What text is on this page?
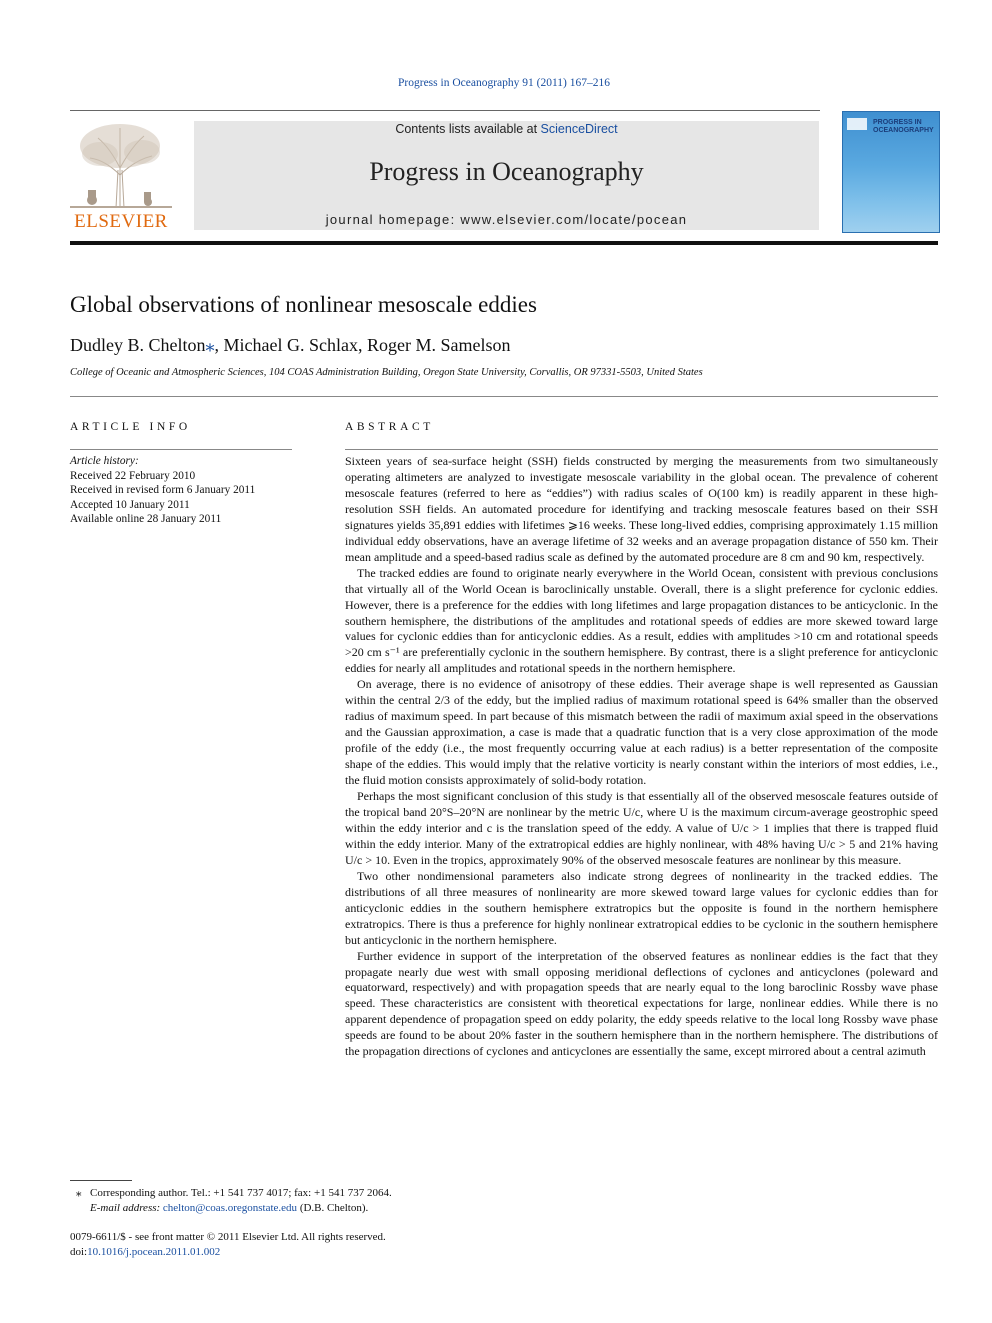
Progress in Oceanography 91 (2011) 167–216
ELSEVIER
Contents lists available at ScienceDirect
Progress in Oceanography
journal homepage: www.elsevier.com/locate/pocean
PROGRESS IN OCEANOGRAPHY
Global observations of nonlinear mesoscale eddies
Dudley B. Chelton⁎, Michael G. Schlax, Roger M. Samelson
College of Oceanic and Atmospheric Sciences, 104 COAS Administration Building, Oregon State University, Corvallis, OR 97331-5503, United States
ARTICLE INFO
Article history:
Received 22 February 2010
Received in revised form 6 January 2011
Accepted 10 January 2011
Available online 28 January 2011
ABSTRACT

Sixteen years of sea-surface height (SSH) fields constructed by merging the measurements from two simultaneously operating altimeters are analyzed to investigate mesoscale variability in the global ocean. The prevalence of coherent mesoscale features (referred to here as “eddies”) with radius scales of O(100 km) is readily apparent in these high-resolution SSH fields. An automated procedure for identifying and tracking mesoscale features based on their SSH signatures yields 35,891 eddies with lifetimes ⩾16 weeks. These long-lived eddies, comprising approximately 1.15 million individual eddy observations, have an average lifetime of 32 weeks and an average propagation distance of 550 km. Their mean amplitude and a speed-based radius scale as defined by the automated procedure are 8 cm and 90 km, respectively.

The tracked eddies are found to originate nearly everywhere in the World Ocean, consistent with previous conclusions that virtually all of the World Ocean is baroclinically unstable. Overall, there is a slight preference for cyclonic eddies. However, there is a preference for the eddies with long lifetimes and large propagation distances to be anticyclonic. In the southern hemisphere, the distributions of the amplitudes and rotational speeds of eddies are more skewed toward large values for cyclonic eddies than for anticyclonic eddies. As a result, eddies with amplitudes >10 cm and rotational speeds >20 cm s⁻¹ are preferentially cyclonic in the southern hemisphere. By contrast, there is a slight preference for anticyclonic eddies for nearly all amplitudes and rotational speeds in the northern hemisphere.

On average, there is no evidence of anisotropy of these eddies. Their average shape is well represented as Gaussian within the central 2/3 of the eddy, but the implied radius of maximum rotational speed is 64% smaller than the observed radius of maximum speed. In part because of this mismatch between the radii of maximum axial speed in the observations and the Gaussian approximation, a case is made that a quadratic function that is a very close approximation of the mode profile of the eddy (i.e., the most frequently occurring value at each radius) is a better representation of the composite shape of the eddies. This would imply that the relative vorticity is nearly constant within the interiors of most eddies, i.e., the fluid motion consists approximately of solid-body rotation.

Perhaps the most significant conclusion of this study is that essentially all of the observed mesoscale features outside of the tropical band 20°S–20°N are nonlinear by the metric U/c, where U is the maximum circum-average geostrophic speed within the eddy interior and c is the translation speed of the eddy. A value of U/c > 1 implies that there is trapped fluid within the eddy interior. Many of the extratropical eddies are highly nonlinear, with 48% having U/c > 5 and 21% having U/c > 10. Even in the tropics, approximately 90% of the observed mesoscale features are nonlinear by this measure.

Two other nondimensional parameters also indicate strong degrees of nonlinearity in the tracked eddies. The distributions of all three measures of nonlinearity are more skewed toward large values for cyclonic eddies than for anticyclonic eddies in the southern hemisphere extratropics but the opposite is found in the northern hemisphere extratropics. There is thus a preference for highly nonlinear extratropical eddies to be cyclonic in the southern hemisphere but anticyclonic in the northern hemisphere.

Further evidence in support of the interpretation of the observed features as nonlinear eddies is the fact that they propagate nearly due west with small opposing meridional deflections of cyclones and anticyclones (poleward and equatorward, respectively) and with propagation speeds that are nearly equal to the long baroclinic Rossby wave phase speed. These characteristics are consistent with theoretical expectations for large, nonlinear eddies. While there is no apparent dependence of propagation speed on eddy polarity, the eddy speeds relative to the local long Rossby wave phase speeds are found to be about 20% faster in the southern hemisphere than in the northern hemisphere. The distributions of the propagation directions of cyclones and anticyclones are essentially the same, except mirrored about a central azimuth

⁎ Corresponding author. Tel.: +1 541 737 4017; fax: +1 541 737 2064.
E-mail address: chelton@coas.oregonstate.edu (D.B. Chelton).
0079-6611/$ - see front matter © 2011 Elsevier Ltd. All rights reserved.
doi:10.1016/j.pocean.2011.01.002
